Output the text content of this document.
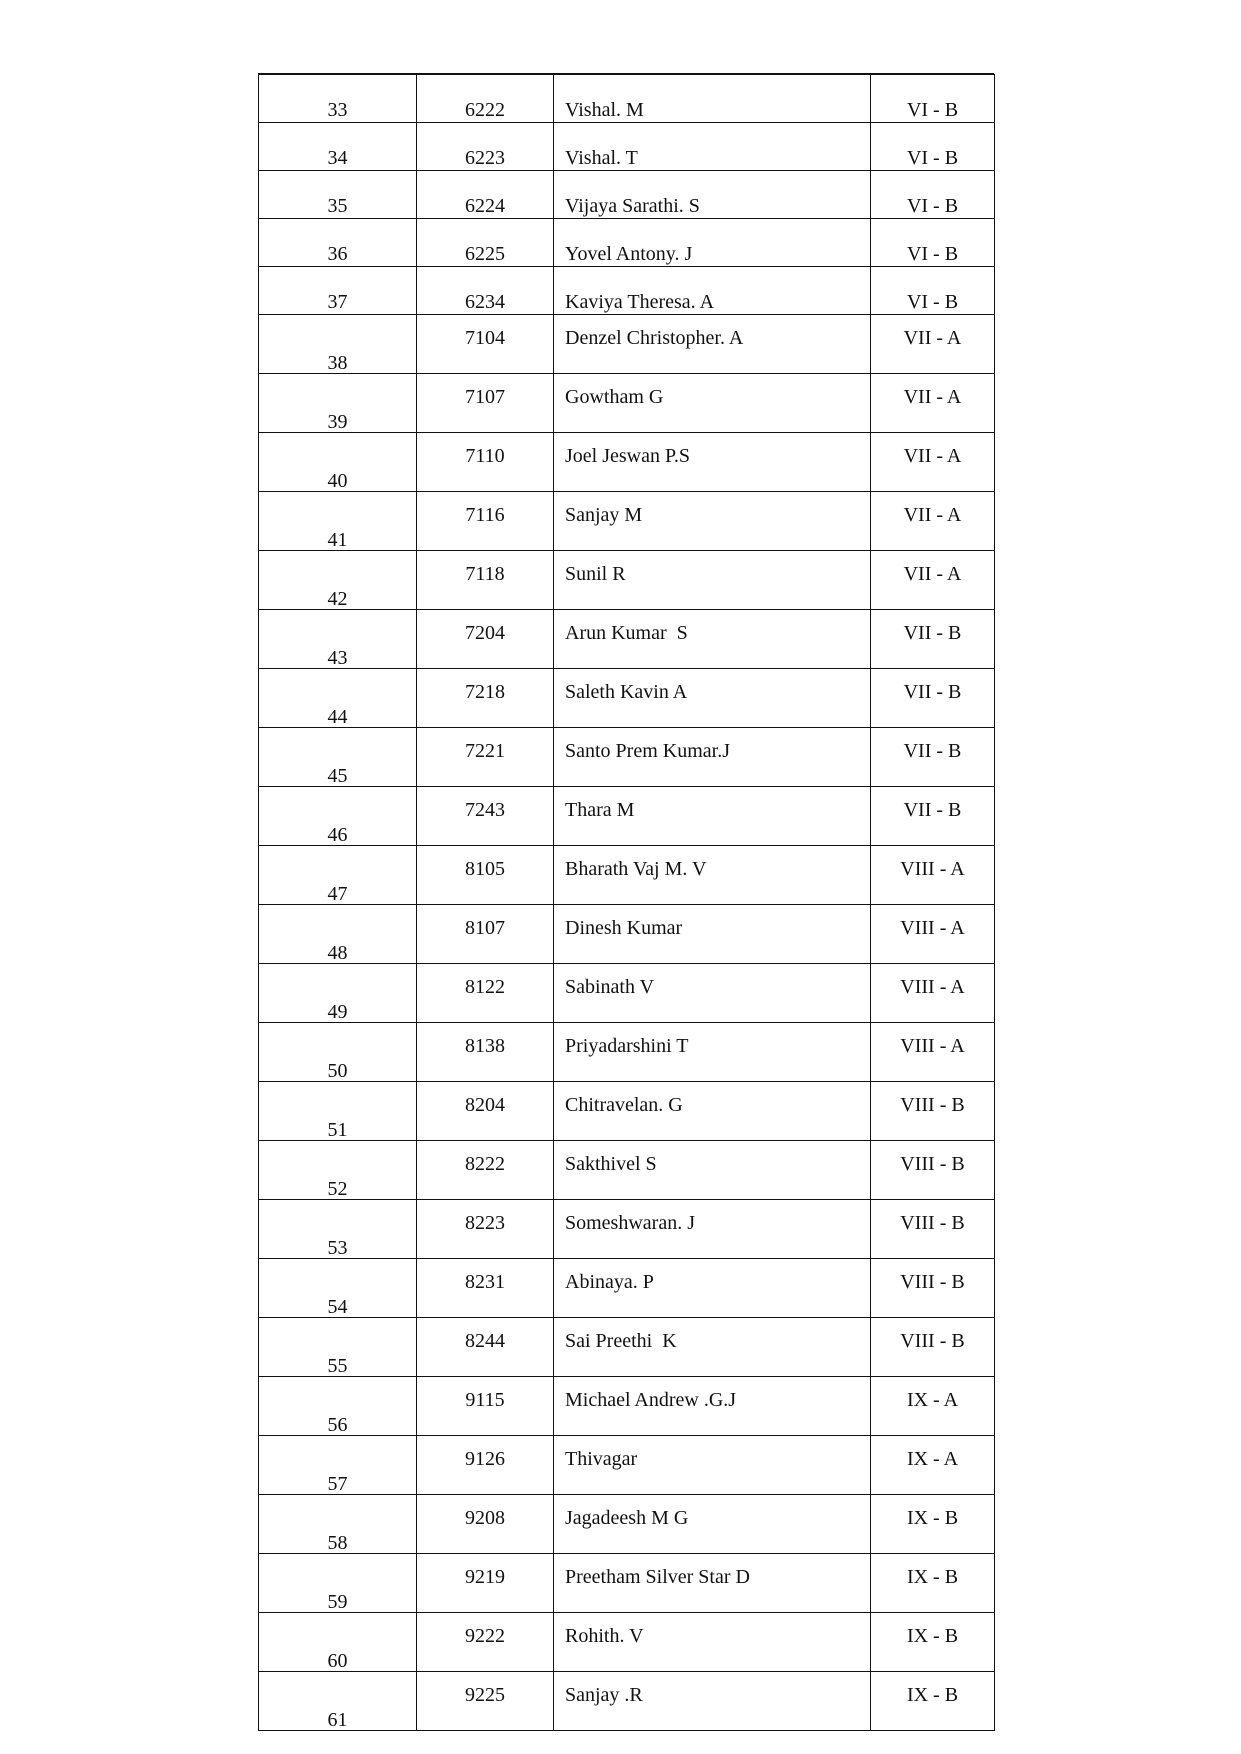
33	6222	Vishal. M	VI - B
34	6223	Vishal. T	VI - B
35	6224	Vijaya Sarathi. S	VI - B
36	6225	Yovel Antony. J	VI - B
37	6234	Kaviya Theresa. A	VI - B
38	7104	Denzel Christopher. A	VII - A
39	7107	Gowtham G	VII - A
40	7110	Joel Jeswan P.S	VII - A
41	7116	Sanjay M	VII - A
42	7118	Sunil R	VII - A
43	7204	Arun Kumar  S	VII - B
44	7218	Saleth Kavin A	VII - B
45	7221	Santo Prem Kumar.J	VII - B
46	7243	Thara M	VII - B
47	8105	Bharath Vaj M. V	VIII - A
48	8107	Dinesh Kumar	VIII - A
49	8122	Sabinath V	VIII - A
50	8138	Priyadarshini T	VIII - A
51	8204	Chitravelan. G	VIII - B
52	8222	Sakthivel S	VIII - B
53	8223	Someshwaran. J	VIII - B
54	8231	Abinaya. P	VIII - B
55	8244	Sai Preethi  K	VIII - B
56	9115	Michael Andrew .G.J	IX - A
57	9126	Thivagar	IX - A
58	9208	Jagadeesh M G	IX - B
59	9219	Preetham Silver Star D	IX - B
60	9222	Rohith. V	IX - B
61	9225	Sanjay .R	IX - B
